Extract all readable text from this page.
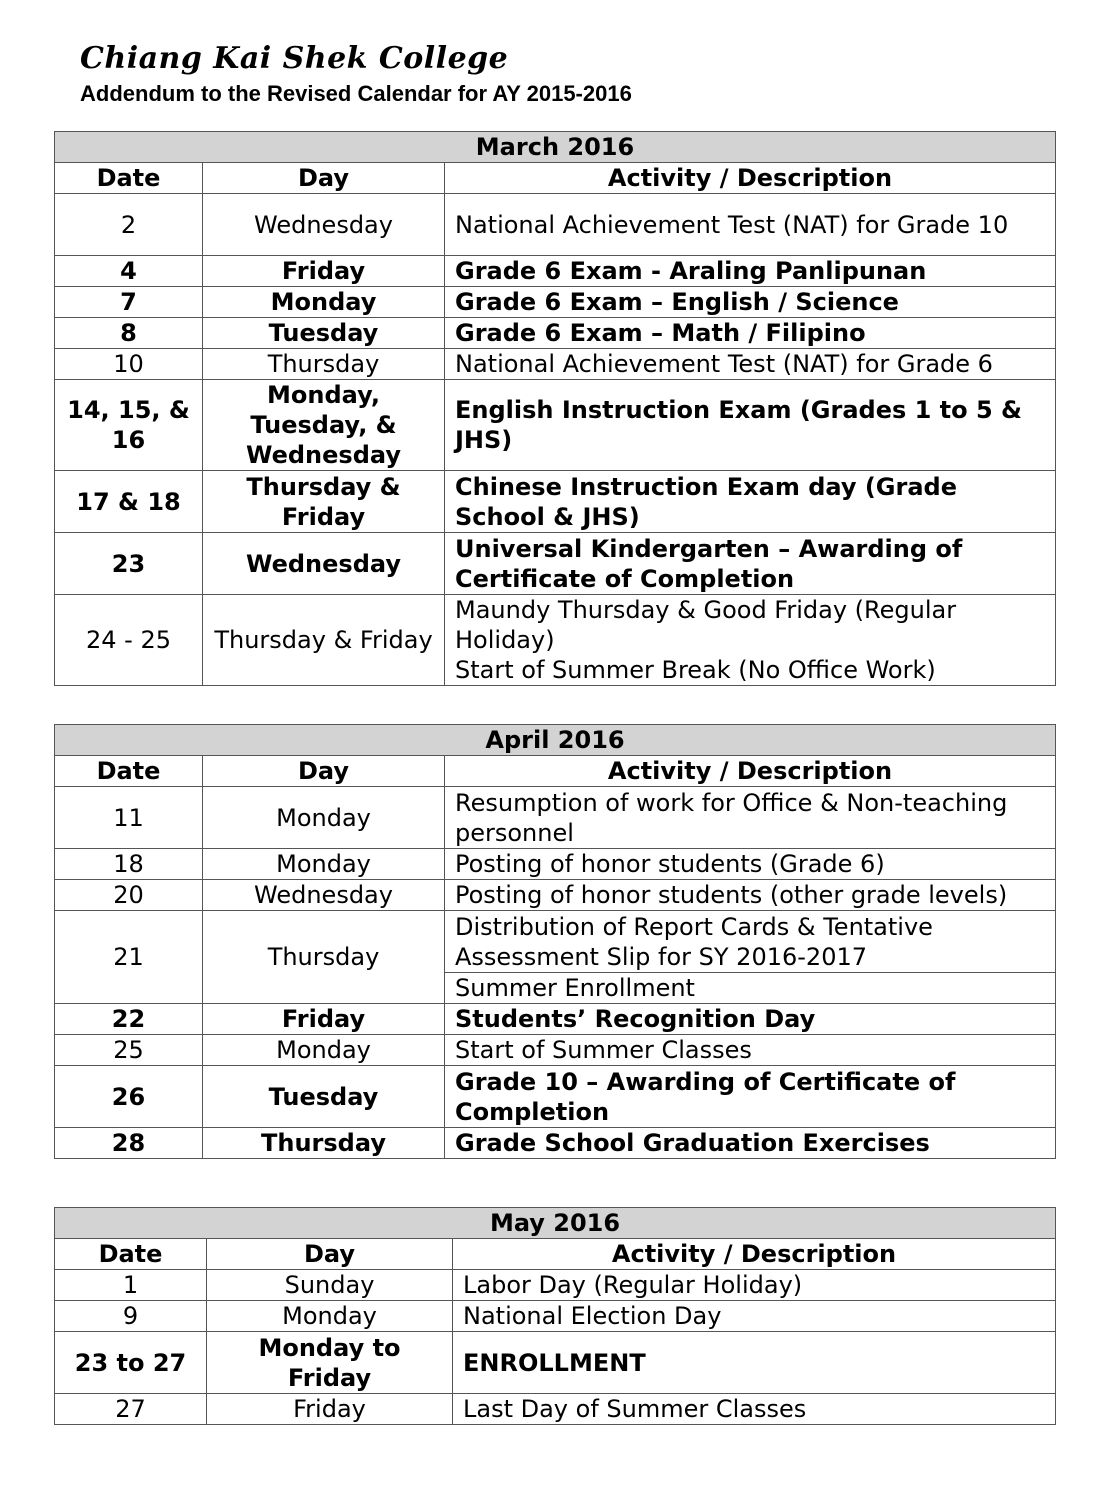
Chiang Kai Shek College
Addendum to the Revised Calendar for AY 2015-2016
March 2016		
Date	Day	Activity / Description
2	Wednesday	National Achievement Test (NAT) for Grade 10
4	Friday	Grade 6 Exam - Araling Panlipunan
7	Monday	Grade 6 Exam – English / Science
8	Tuesday	Grade 6 Exam – Math / Filipino
10	Thursday	National Achievement Test (NAT) for Grade 6
14, 15, & 16	Monday, Tuesday, & Wednesday	English Instruction Exam (Grades 1 to 5 & JHS)
17 & 18	Thursday & Friday	Chinese Instruction Exam day (Grade School & JHS)
23	Wednesday	Universal Kindergarten – Awarding of Certificate of Completion
24 - 25	Thursday & Friday	Maundy Thursday & Good Friday (Regular Holiday)
Start of Summer Break (No Office Work)
April 2016		
Date	Day	Activity / Description
11	Monday	Resumption of work for Office & Non-teaching personnel
18	Monday	Posting of honor students (Grade 6)
20	Wednesday	Posting of honor students (other grade levels)
21	Thursday	Distribution of Report Cards & Tentative Assessment Slip for SY 2016-2017
		Summer Enrollment
22	Friday	Students’ Recognition Day
25	Monday	Start of Summer Classes
26	Tuesday	Grade 10 – Awarding of Certificate of Completion
28	Thursday	Grade School Graduation Exercises
May 2016		
Date	Day	Activity / Description
1	Sunday	Labor Day (Regular Holiday)
9	Monday	National Election Day
23 to 27	Monday to Friday	ENROLLMENT
27	Friday	Last Day of Summer Classes
